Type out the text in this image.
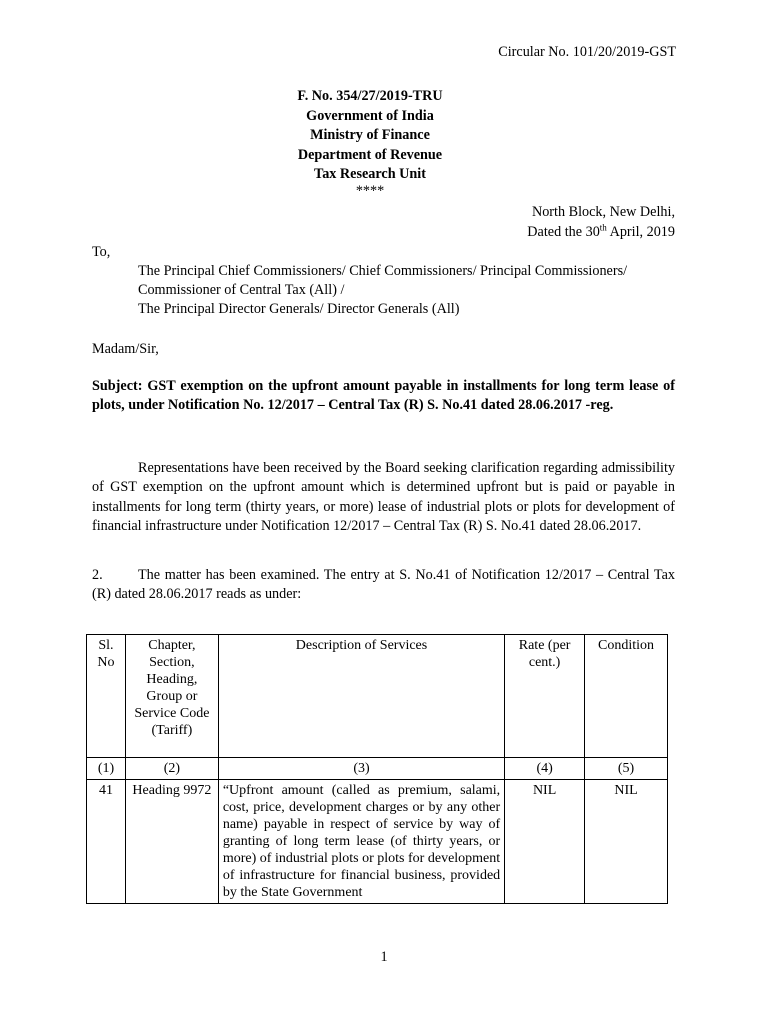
Circular No. 101/20/2019-GST
F. No. 354/27/2019-TRU
Government of India
Ministry of Finance
Department of Revenue
Tax Research Unit
****
North Block, New Delhi,
Dated the 30th April, 2019
To,
The Principal Chief Commissioners/ Chief Commissioners/ Principal Commissioners/
Commissioner of Central Tax (All) /
The Principal Director Generals/ Director Generals (All)
Madam/Sir,
Subject: GST exemption on the upfront amount payable in installments for long term lease of plots, under Notification No. 12/2017 – Central Tax (R) S. No.41 dated 28.06.2017 -reg.
Representations have been received by the Board seeking clarification regarding admissibility of GST exemption on the upfront amount which is determined upfront but is paid or payable in installments for long term (thirty years, or more) lease of industrial plots or plots for development of financial infrastructure under Notification 12/2017 – Central Tax (R) S. No.41 dated 28.06.2017.
2. The matter has been examined. The entry at S. No.41 of Notification 12/2017 – Central Tax (R) dated 28.06.2017 reads as under:
Sl. No	Chapter, Section, Heading, Group or Service Code (Tariff)	Description of Services	Rate (per cent.)	Condition
(1)	(2)	(3)	(4)	(5)
41	Heading 9972	“Upfront amount (called as premium, salami, cost, price, development charges or by any other name) payable in respect of service by way of granting of long term lease (of thirty years, or more) of industrial plots or plots for development of infrastructure for financial business, provided by the State Government	NIL	NIL
1
